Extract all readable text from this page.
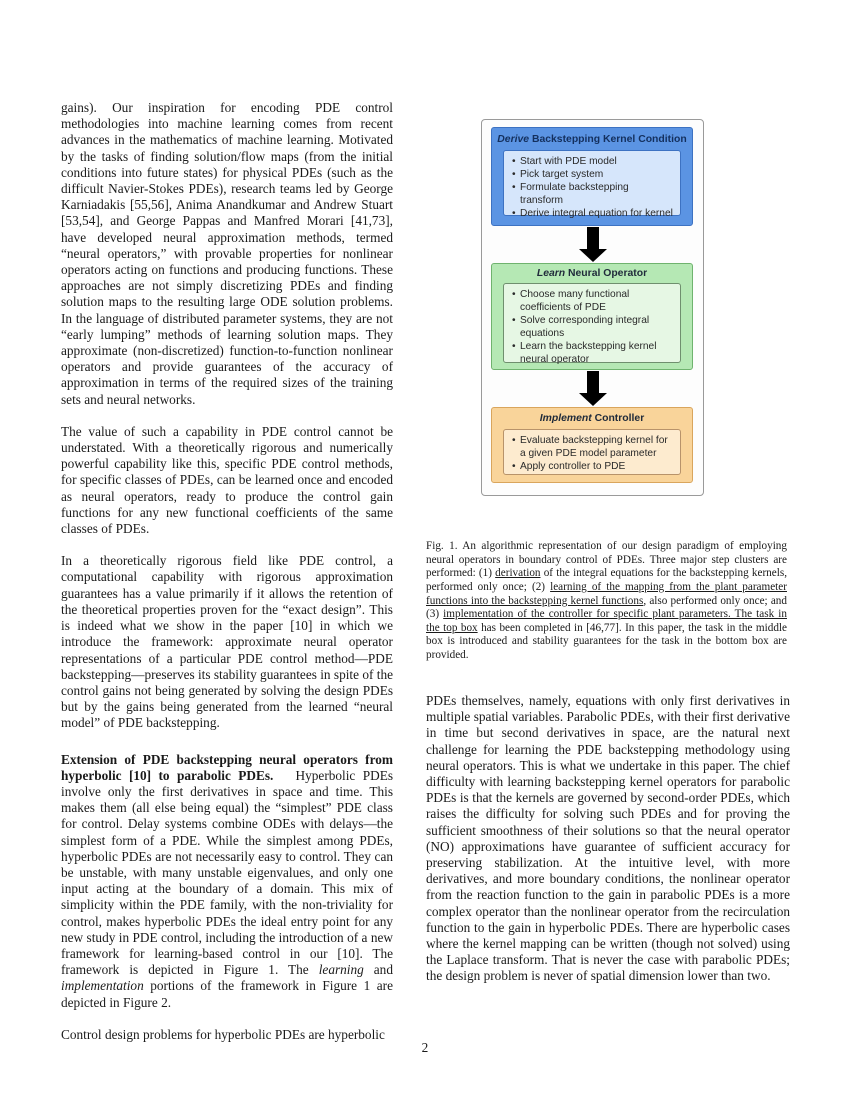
gains). Our inspiration for encoding PDE control methodologies into machine learning comes from recent advances in the mathematics of machine learning. Motivated by the tasks of finding solution/flow maps (from the initial conditions into future states) for physical PDEs (such as the difficult Navier-Stokes PDEs), research teams led by George Karniadakis [55,56], Anima Anandkumar and Andrew Stuart [53,54], and George Pappas and Manfred Morari [41,73], have developed neural approximation methods, termed “neural operators,” with provable properties for nonlinear operators acting on functions and producing functions. These approaches are not simply discretizing PDEs and finding solution maps to the resulting large ODE solution problems. In the language of distributed parameter systems, they are not “early lumping” methods of learning solution maps. They approximate (non-discretized) function-to-function nonlinear operators and provide guarantees of the accuracy of approximation in terms of the required sizes of the training sets and neural networks.

The value of such a capability in PDE control cannot be understated. With a theoretically rigorous and numerically powerful capability like this, specific PDE control methods, for specific classes of PDEs, can be learned once and encoded as neural operators, ready to produce the control gain functions for any new functional coefficients of the same classes of PDEs.

In a theoretically rigorous field like PDE control, a computational capability with rigorous approximation guarantees has a value primarily if it allows the retention of the theoretical properties proven for the “exact design”. This is indeed what we show in the paper [10] in which we introduce the framework: approximate neural operator representations of a particular PDE control method—PDE backstepping—preserves its stability guarantees in spite of the control gains not being generated by solving the design PDEs but by the gains being generated from the learned “neural model” of PDE backstepping.

Extension of PDE backstepping neural operators from hyperbolic [10] to parabolic PDEs. Hyperbolic PDEs involve only the first derivatives in space and time. This makes them (all else being equal) the “simplest” PDE class for control. Delay systems combine ODEs with delays—the simplest form of a PDE. While the simplest among PDEs, hyperbolic PDEs are not necessarily easy to control. They can be unstable, with many unstable eigenvalues, and only one input acting at the boundary of a domain. This mix of simplicity within the PDE family, with the non-triviality for control, makes hyperbolic PDEs the ideal entry point for any new study in PDE control, including the introduction of a new framework for learning-based control in our [10]. The framework is depicted in Figure 1. The learning and implementation portions of the framework in Figure 1 are depicted in Figure 2.

Control design problems for hyperbolic PDEs are hyperbolic

Derive Backstepping Kernel Condition
• Start with PDE model
• Pick target system
• Formulate backstepping transform
• Derive integral equation for kernel
Learn Neural Operator
• Choose many functional coefficients of PDE
• Solve corresponding integral equations
• Learn the backstepping kernel neural operator
Implement Controller
• Evaluate backstepping kernel for a given PDE model parameter
• Apply controller to PDE

Fig. 1. An algorithmic representation of our design paradigm of employing neural operators in boundary control of PDEs. Three major step clusters are performed: (1) derivation of the integral equations for the backstepping kernels, performed only once; (2) learning of the mapping from the plant parameter functions into the backstepping kernel functions, also performed only once; and (3) implementation of the controller for specific plant parameters. The task in the top box has been completed in [46,77]. In this paper, the task in the middle box is introduced and stability guarantees for the task in the bottom box are provided.

PDEs themselves, namely, equations with only first derivatives in multiple spatial variables. Parabolic PDEs, with their first derivative in time but second derivatives in space, are the natural next challenge for learning the PDE backstepping methodology using neural operators. This is what we undertake in this paper. The chief difficulty with learning backstepping kernel operators for parabolic PDEs is that the kernels are governed by second-order PDEs, which raises the difficulty for solving such PDEs and for proving the sufficient smoothness of their solutions so that the neural operator (NO) approximations have guarantee of sufficient accuracy for preserving stabilization. At the intuitive level, with more derivatives, and more boundary conditions, the nonlinear operator from the reaction function to the gain in parabolic PDEs is a more complex operator than the nonlinear operator from the recirculation function to the gain in hyperbolic PDEs. There are hyperbolic cases where the kernel mapping can be written (though not solved) using the Laplace transform. That is never the case with parabolic PDEs; the design problem is never of spatial dimension lower than two.

2
